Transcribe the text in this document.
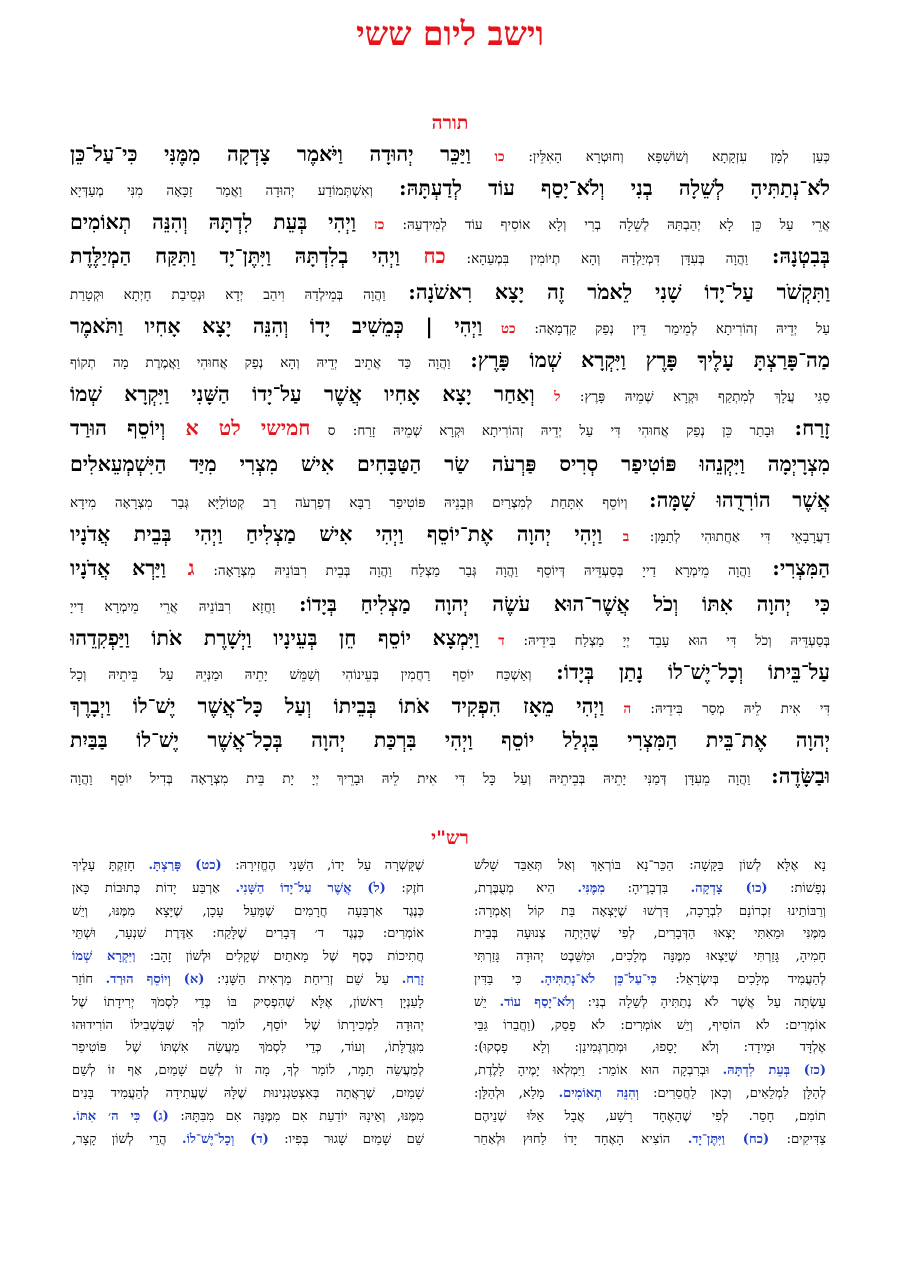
וישב ליום ששי
תורה
כְּעַן לְמָן עִזְקָתָא וְשׁוֹשִׁפָּא וְחוּטְרָא הָאִלֵּין: כו וַיַּכֵּר יְהוּדָה וַיֹּאמֶר צָדְקָה מִמֶּנִּי כִּי־עַל־כֵּן
לֹא־נְתַתִּיהָ לְשֵׁלָה בְנִי וְלֹא־יָסַף עוֹד לְדַעְתָּהּ: וְאִשְׁתְּמוֹדַע יְהוּדָה וַאֲמַר זַכָּאָה מִנִּי מְעַדְּיָא
אֲרֵי עַל כֵּן לָא יְהַבְתַּהּ לְשֵׁלָה בְרִי וְלָא אוֹסִיף עוֹד לְמִידְעַהּ: כז וַיְהִי בְּעֵת לִדְתָּהּ וְהִנֵּה תְאוֹמִים
בְּבִטְנָהּ: וַהֲוָה בְּעִדָּן דִּמְיַלְדָהּ וְהָא תְיוֹמִין בִּמְעַהָא: כח וַיְהִי בְלִדְתָּהּ וַיִּתֶּן־יָד וַתִּקַּח הַמְיַלֶּדֶת
וַתִּקְשֹׁר עַל־יָדוֹ שָׁנִי לֵאמֹר זֶה יָצָא רִאשֹׁנָה: וַהֲוָה בְּמֵילְדַהּ וִיהַב יְדָא וּנְסֵיבַת חָיְתָא וּקְטָרַת
עַל יְדֵיהּ זְהוֹרִיתָא לְמֵימַר דֵּין נְפַק קַדְמָאָה: כט וַיְהִי | כְּמֵשִׁיב יָדוֹ וְהִנֵּה יָצָא אָחִיו וַתֹּאמֶר
מַה־פָּרַצְתָּ עָלֶיךָ פָּרֶץ וַיִּקְרָא שְׁמוֹ פָּרֶץ: וַהֲוָה כַּד אֲתֵיב יְדֵיהּ וְהָא נְפַק אֲחוּהִי וַאֲמֶרֶת מָה תְקוֹף
סַגִּי עֲלָךְ לְמִתְקַף וּקְרָא שְׁמֵיהּ פָּרֶץ: ל וְאַחַר יָצָא אָחִיו אֲשֶׁר עַל־יָדוֹ הַשָּׁנִי וַיִּקְרָא שְׁמוֹ
זָרַח: וּבָתַר כֵּן נְפַק אֲחוּהִי דִּי עַל יְדֵיהּ זְהוֹרִיתָא וּקְרָא שְׁמֵיהּ זָרַח: ס חמישי לט א וְיוֹסֵף הוּרַד
מִצְרָיְמָה וַיִּקְנֵהוּ פּוֹטִיפַר סְרִיס פַּרְעֹה שַׂר הַטַּבָּחִים אִישׁ מִצְרִי מִיַּד הַיִּשְׁמְעֵאלִים
אֲשֶׁר הוֹרִדֻהוּ שָׁמָּה: וְיוֹסֵף אִתָּחַת לְמִצְרַיִם וּזְבָנֵיהּ פּוֹטִיפַר רַבָּא דְפַרְעֹה רַב קְטוֹלַיָּא גְּבַר מִצְרָאָה מִידָא
דַעֲרָבָאֵי דִּי אַחֲתוּהִי לְתַמָּן: ב וַיְהִי יְהוָה אֶת־יוֹסֵף וַיְהִי אִישׁ מַצְלִיחַ וַיְהִי בְּבֵית אֲדֹנָיו
הַמִּצְרִי: וַהֲוָה מֵימְרָא דַייָ בְּסַעְדֵּיהּ דְּיוֹסֵף וַהֲוָה גְּבַר מַצְלַח וַהֲוָה בְּבֵית רִבּוֹנֵיהּ מִצְרָאָה: ג וַיַּרְא אֲדֹנָיו
כִּי יְהוָה אִתּוֹ וְכֹל אֲשֶׁר־הוּא עֹשֶׂה יְהוָה מַצְלִיחַ בְּיָדוֹ: וַחֲזָא רִבּוֹנֵיהּ אֲרֵי מֵימְרָא דַייָ
בְּסַעְדֵּיהּ וְכֹל דִּי הוּא עָבֵד יְיָ מַצְלַח בִּידֵיהּ: ד וַיִּמְצָא יוֹסֵף חֵן בְּעֵינָיו וַיְשָׁרֶת אֹתוֹ וַיַּפְקִדֵהוּ
עַל־בֵּיתוֹ וְכָל־יֶשׁ־לוֹ נָתַן בְּיָדוֹ: וְאַשְׁכַּח יוֹסֵף רַחֲמִין בְּעֵינוֹהִי וְשַׁמֵּשׁ יָתֵיהּ וּמַנְּיֵהּ עַל בֵּיתֵיהּ וְכָל
דִּי אִית לֵיהּ מְסַר בִּידֵיהּ: ה וַיְהִי מֵאָז הִפְקִיד אֹתוֹ בְּבֵיתוֹ וְעַל כָּל־אֲשֶׁר יֶשׁ־לוֹ וַיְבָרֶךְ
יְהוָה אֶת־בֵּית הַמִּצְרִי בִּגְלַל יוֹסֵף וַיְהִי בִּרְכַּת יְהוָה בְּכָל־אֲשֶׁר יֶשׁ־לוֹ בַּבַּיִת
וּבַשָּׂדֶה: וַהֲוָה מֵעִדָּן דְּמַנִּי יָתֵיהּ בְּבֵיתֵיהּ וְעַל כָּל דִּי אִית לֵיהּ וּבָרֵיךְ יְיָ יָת בֵּית מִצְרָאָה בְּדִיל יוֹסֵף וַהֲוָה
רש"י
נָא אֶלָּא לְשׁוֹן בַּקָּשָׁה: הַכֵּר־נָא בּוֹרְאָךְ וְאַל תְּאַבֵּד שָׁלֹשׁ
נְפָשׁוֹת: (כו) צָדְקָה. בִּדְבָרֶיהָ: מִמֶּנִּי. הִיא מְעֻבֶּרֶת,
וְרַבּוֹתֵינוּ זִכְרוֹנָם לִבְרָכָה, דָּרְשׁוּ שֶׁיָּצְאָה בַּת קוֹל וְאָמְרָה:
מִמֶּנִּי וּמֵאִתִּי יָצְאוּ הַדְּבָרִים, לְפִי שֶׁהָיְתָה צְנוּעָה בְּבֵית
חָמִיהָ, גָּזַרְתִּי שֶׁיֵּצְאוּ מִמֶּנָּה מְלָכִים, וּמִשֵּׁבֶט יְהוּדָה גָּזַרְתִּי
לְהַעֲמִיד מְלָכִים בְּיִשְׂרָאֵל: כִּי־עַל־כֵּן לֹא־נְתַתִּיהָ. כִּי בַּדִּין
עָשְׂתָה עַל אֲשֶׁר לֹא נְתַתִּיהָ לְשֵׁלָה בְנִי: וְלֹא־יָסַף עוֹד. יֵשׁ
אוֹמְרִים: לֹא הוֹסִיף, וְיֵשׁ אוֹמְרִים: לֹא פָסַק, (וַחֲבֵרוֹ גַּבֵּי
אֶלְדָּד וּמֵידָד: וְלֹא יָסָפוּ, וּמְתַרְגְּמִינַן: וְלָא פָסְקוּ):
(כז) בְּעֵת לִדְתָּהּ. וּבְרִבְקָה הוּא אוֹמֵר: וַיִּמְלְאוּ יָמֶיהָ לָלֶדֶת,
לְהַלָּן לִמְלֵאִים, וְכָאן לַחֲסֵרִים: וְהִנֵּה תְאוֹמִים. מָלֵא, וּלְהַלָּן:
תוֹמִם, חָסֵר. לְפִי שֶׁהָאֶחָד רָשָׁע, אֲבָל אֵלּוּ שְׁנֵיהֶם
צַדִּיקִים: (כח) וַיִּתֶּן־יָד. הוֹצִיא הָאֶחָד יָדוֹ לַחוּץ וּלְאַחַר
שֶׁקָּשְׁרָה עַל יָדוֹ, הַשָּׁנִי הֶחֱזִירָהּ: (כט) פָּרַצְתָּ. חָזַקְתָּ עָלֶיךָ
חֹזֶק: (ל) אֲשֶׁר עַל־יָדוֹ הַשָּׁנִי. אַרְבַּע יָדוֹת כְּתוּבוֹת כָּאן
כְּנֶגֶד אַרְבָּעָה חֲרָמִים שֶׁמָּעַל עָכָן, שֶׁיָּצָא מִמֶּנּוּ, וְיֵשׁ
אוֹמְרִים: כְּנֶגֶד ד׳ דְּבָרִים שֶׁלָּקַח: אַדֶּרֶת שִׁנְעָר, וּשְׁתֵּי
חֲתִיכוֹת כֶּסֶף שֶׁל מָאתַיִם שְׁקָלִים וּלְשׁוֹן זָהָב: וַיִּקְרָא שְׁמוֹ
זָרַח. עַל שֵׁם זְרִיחַת מַרְאִית הַשָּׁנִי: (א) וְיוֹסֵף הוּרַד. חוֹזֵר
לָעִנְיָן רִאשׁוֹן, אֶלָּא שֶׁהִפְסִיק בּוֹ כְּדֵי לִסְמֹךְ יְרִידָתוֹ שֶׁל
יְהוּדָה לִמְכִירָתוֹ שֶׁל יוֹסֵף, לוֹמַר לְךָ שֶׁבִּשְׁבִילוֹ הוֹרִידוּהוּ
מִגְּדֻלָּתוֹ, וְעוֹד, כְּדֵי לִסְמֹךְ מַעֲשֵׂה אִשְׁתּוֹ שֶׁל פּוֹטִיפַר
לְמַעֲשֵׂה תָמָר, לוֹמַר לְךָ, מָה זוֹ לְשֵׁם שָׁמַיִם, אַף זוֹ לְשֵׁם
שָׁמַיִם, שֶׁרָאֲתָה בְּאִצְטַגְנִינוּת שֶׁלָּהּ שֶׁעֲתִידָה לְהַעֲמִיד בָּנִים
מִמֶּנּוּ, וְאֵינָהּ יוֹדַעַת אִם מִמֶּנָּה אִם מִבִּתָּהּ: (ג) כִּי ה׳ אִתּוֹ.
שֵׁם שָׁמַיִם שָׁגוּר בְּפִיו: (ד) וְכָל־יֶשׁ־לוֹ. הֲרֵי לְשׁוֹן קָצָר,
